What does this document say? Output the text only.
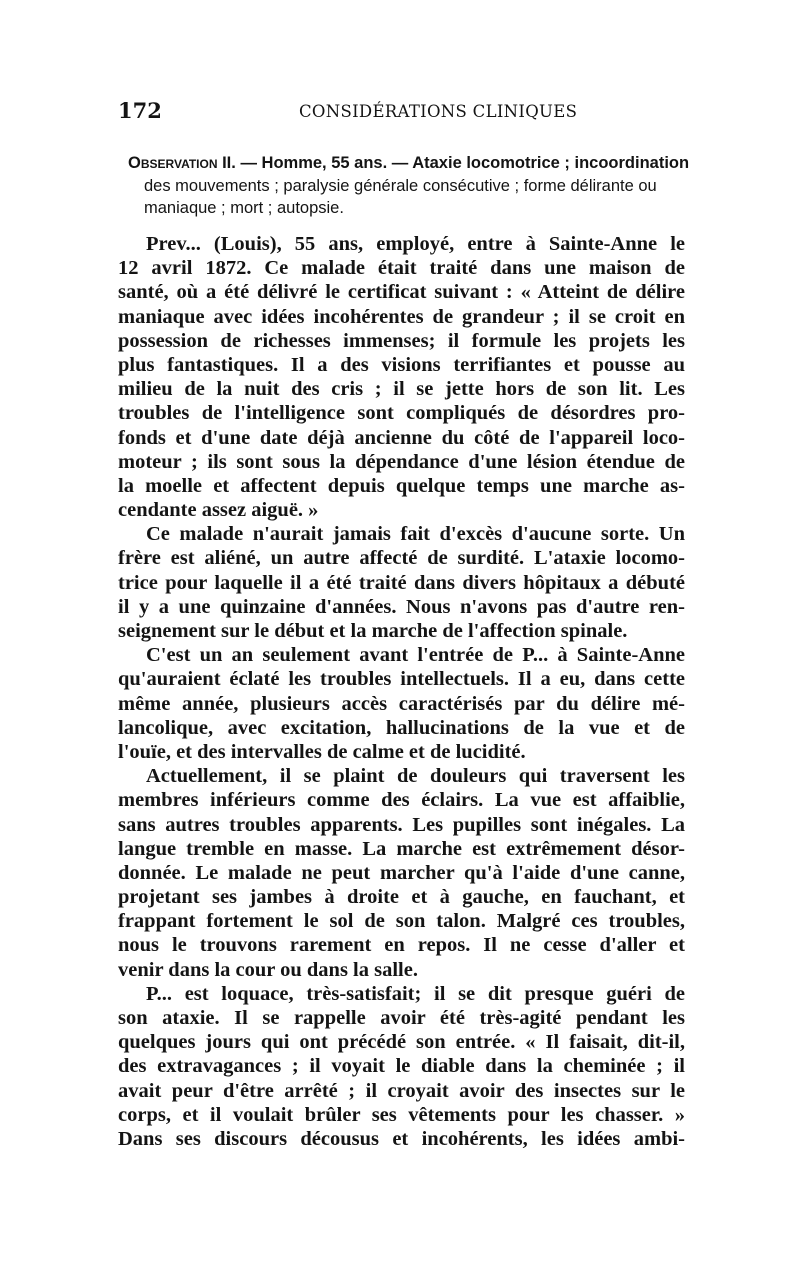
172	CONSIDÉRATIONS CLINIQUES

Observation II. — Homme, 55 ans. — Ataxie locomotrice ; incoordination

des mouvements ; paralysie générale consécutive ; forme délirante ou

maniaque ; mort ; autopsie.

Prev... (Louis), 55 ans, employé, entre à Sainte-Anne le
12 avril 1872. Ce malade était traité dans une maison de
santé, où a été délivré le certificat suivant : « Atteint de délire
maniaque avec idées incohérentes de grandeur ; il se croit en
possession de richesses immenses; il formule les projets les
plus fantastiques. Il a des visions terrifiantes et pousse au
milieu de la nuit des cris ; il se jette hors de son lit. Les
troubles de l'intelligence sont compliqués de désordres pro-
fonds et d'une date déjà ancienne du côté de l'appareil loco-
moteur ; ils sont sous la dépendance d'une lésion étendue de
la moelle et affectent depuis quelque temps une marche as-
cendante assez aiguë. »
Ce malade n'aurait jamais fait d'excès d'aucune sorte. Un
frère est aliéné, un autre affecté de surdité. L'ataxie locomo-
trice pour laquelle il a été traité dans divers hôpitaux a débuté
il y a une quinzaine d'années. Nous n'avons pas d'autre ren-
seignement sur le début et la marche de l'affection spinale.
C'est un an seulement avant l'entrée de P... à Sainte-Anne
qu'auraient éclaté les troubles intellectuels. Il a eu, dans cette
même année, plusieurs accès caractérisés par du délire mé-
lancolique, avec excitation, hallucinations de la vue et de
l'ouïe, et des intervalles de calme et de lucidité.
Actuellement, il se plaint de douleurs qui traversent les
membres inférieurs comme des éclairs. La vue est affaiblie,
sans autres troubles apparents. Les pupilles sont inégales. La
langue tremble en masse. La marche est extrêmement désor-
donnée. Le malade ne peut marcher qu'à l'aide d'une canne,
projetant ses jambes à droite et à gauche, en fauchant, et
frappant fortement le sol de son talon. Malgré ces troubles,
nous le trouvons rarement en repos. Il ne cesse d'aller et
venir dans la cour ou dans la salle.
P... est loquace, très-satisfait; il se dit presque guéri de
son ataxie. Il se rappelle avoir été très-agité pendant les
quelques jours qui ont précédé son entrée. « Il faisait, dit-il,
des extravagances ; il voyait le diable dans la cheminée ; il
avait peur d'être arrêté ; il croyait avoir des insectes sur le
corps, et il voulait brûler ses vêtements pour les chasser. »
Dans ses discours décousus et incohérents, les idées ambi-
